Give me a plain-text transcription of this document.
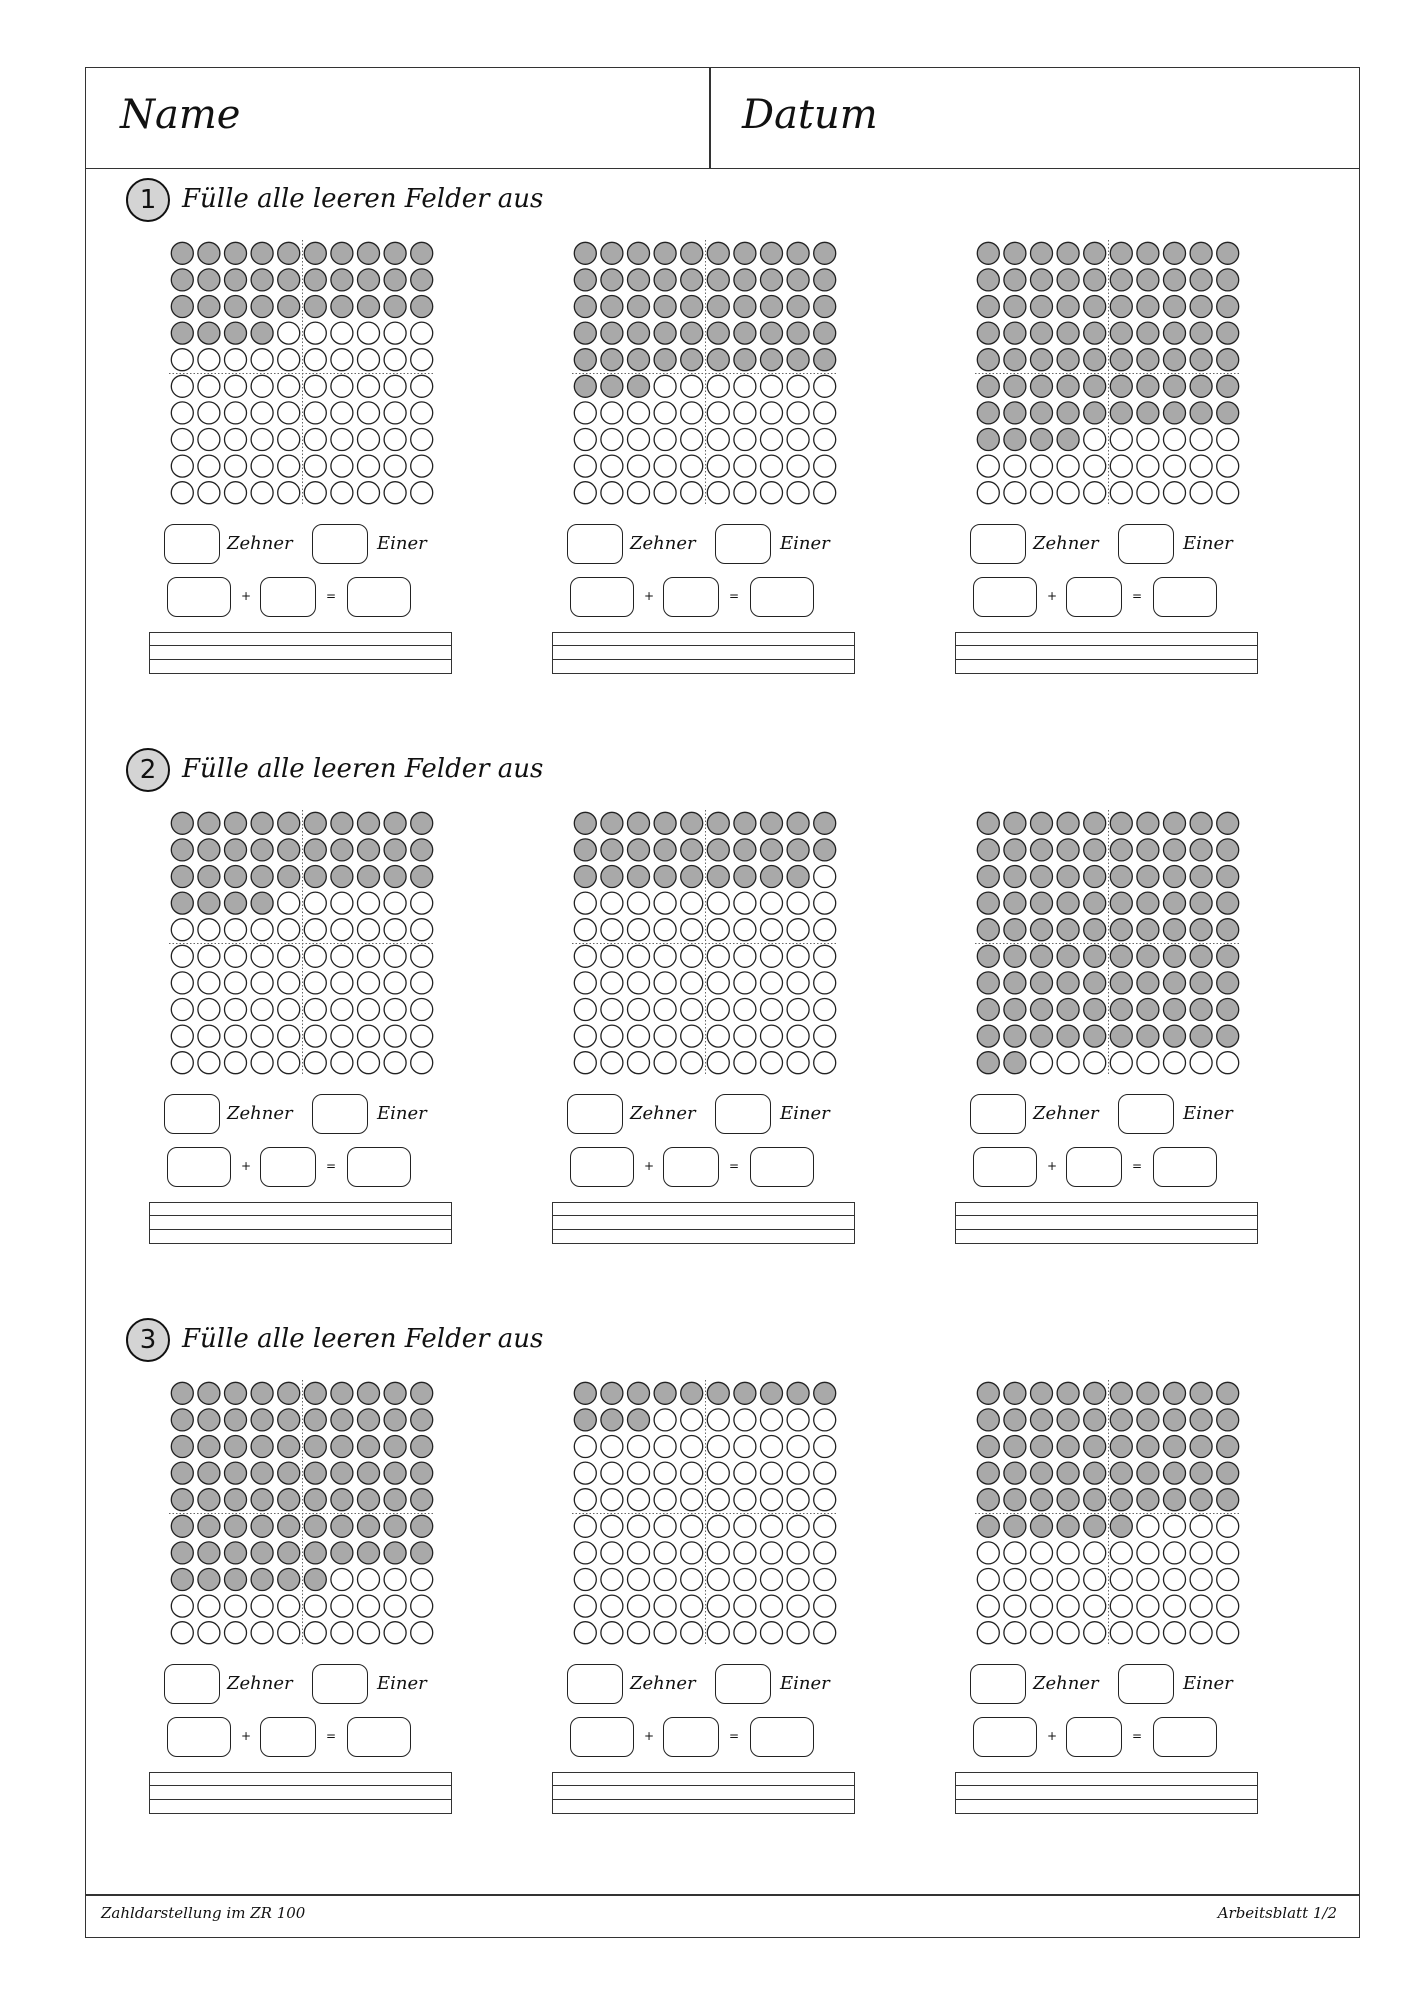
Name	Datum
1 Fülle alle leeren Felder aus
Zehner	Einer
+	=
Zehner	Einer
+	=
Zehner	Einer
+	=
2 Fülle alle leeren Felder aus
Zehner	Einer
+	=
Zehner	Einer
+	=
Zehner	Einer
+	=
3 Fülle alle leeren Felder aus
Zehner	Einer
+	=
Zehner	Einer
+	=
Zehner	Einer
+	=
Zahldarstellung im ZR 100	Arbeitsblatt 1/2
